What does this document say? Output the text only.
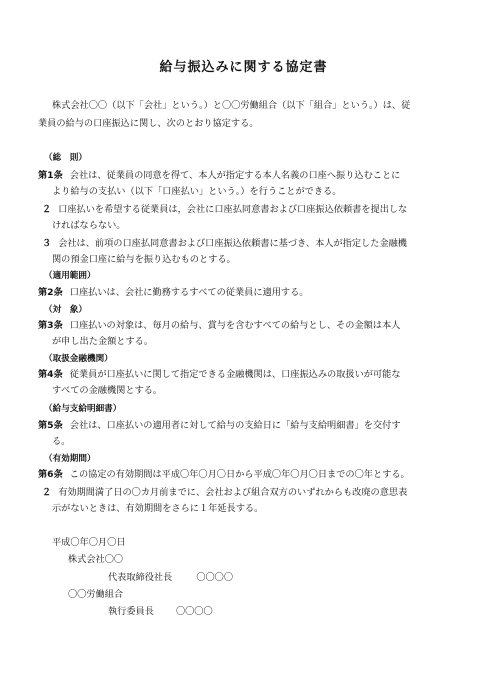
給与振込みに関する協定書
株式会社〇〇（以下「会社」という。）と〇〇労働組合（以下「組合」という。）は、従
業員の給与の口座振込に関し、次のとおり協定する。
（総　則）
第1条 会社は、従業員の同意を得て、本人が指定する本人名義の口座へ振り込むことに
より給与の支払い（以下「口座払い」という。）を行うことができる。
２ 口座払いを希望する従業員は，会社に口座払同意書および口座振込依頼書を提出しな
ければならない。
３ 会社は、前項の口座払同意書および口座振込依頼書に基づき、本人が指定した金融機
関の預金口座に給与を振り込むものとする。
（適用範囲）
第2条 口座払いは、会社に勤務するすべての従業員に適用する。
（対　象）
第3条 口座払いの対象は、毎月の給与、賞与を含むすべての給与とし、その金額は本人
が申し出た金額とする。
（取扱金融機関）
第4条 従業員が口座払いに関して指定できる金融機関は、口座振込みの取扱いが可能な
すべての金融機関とする。
（給与支給明細書）
第5条 会社は、口座払いの適用者に対して給与の支給日に「給与支給明細書」を交付す
る。
（有効期間）
第6条 この協定の有効期間は平成〇年〇月〇日から平成〇年〇月〇日までの〇年とする。
２ 有効期間満了日の〇カ月前までに、会社および組合双方のいずれからも改廃の意思表
示がないときは、有効期間をさらに１年延長する。
平成〇年〇月〇日
株式会社〇〇
代表取締役社長	〇〇〇〇
〇〇労働組合
執行委員長 〇〇〇〇
